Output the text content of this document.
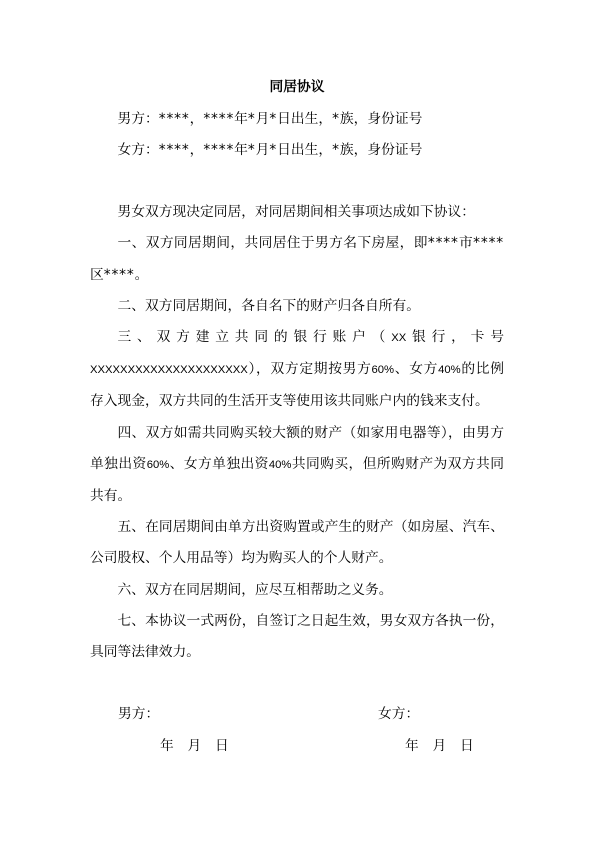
同居协议

男方：****，****年*月*日出生，*族，身份证号

女方：****，****年*月*日出生，*族，身份证号

男女双方现决定同居，对同居期间相关事项达成如下协议：

一、双方同居期间，共同居住于男方名下房屋，即****市****区****。

二、双方同居期间，各自名下的财产归各自所有。

三、双方建立共同的银行账户（XX银行，卡号XXXXXXXXXXXXXXXXXXXXX），双方定期按男方60%、女方40%的比例存入现金，双方共同的生活开支等使用该共同账户内的钱来支付。

四、双方如需共同购买较大额的财产（如家用电器等），由男方单独出资60%、女方单独出资40%共同购买，但所购财产为双方共同共有。

五、在同居期间由单方出资购置或产生的财产（如房屋、汽车、公司股权、个人用品等）均为购买人的个人财产。

六、双方在同居期间，应尽互相帮助之义务。

七、本协议一式两份，自签订之日起生效，男女双方各执一份，具同等法律效力。

男方：	女方：
年　月　日	年　月　日
